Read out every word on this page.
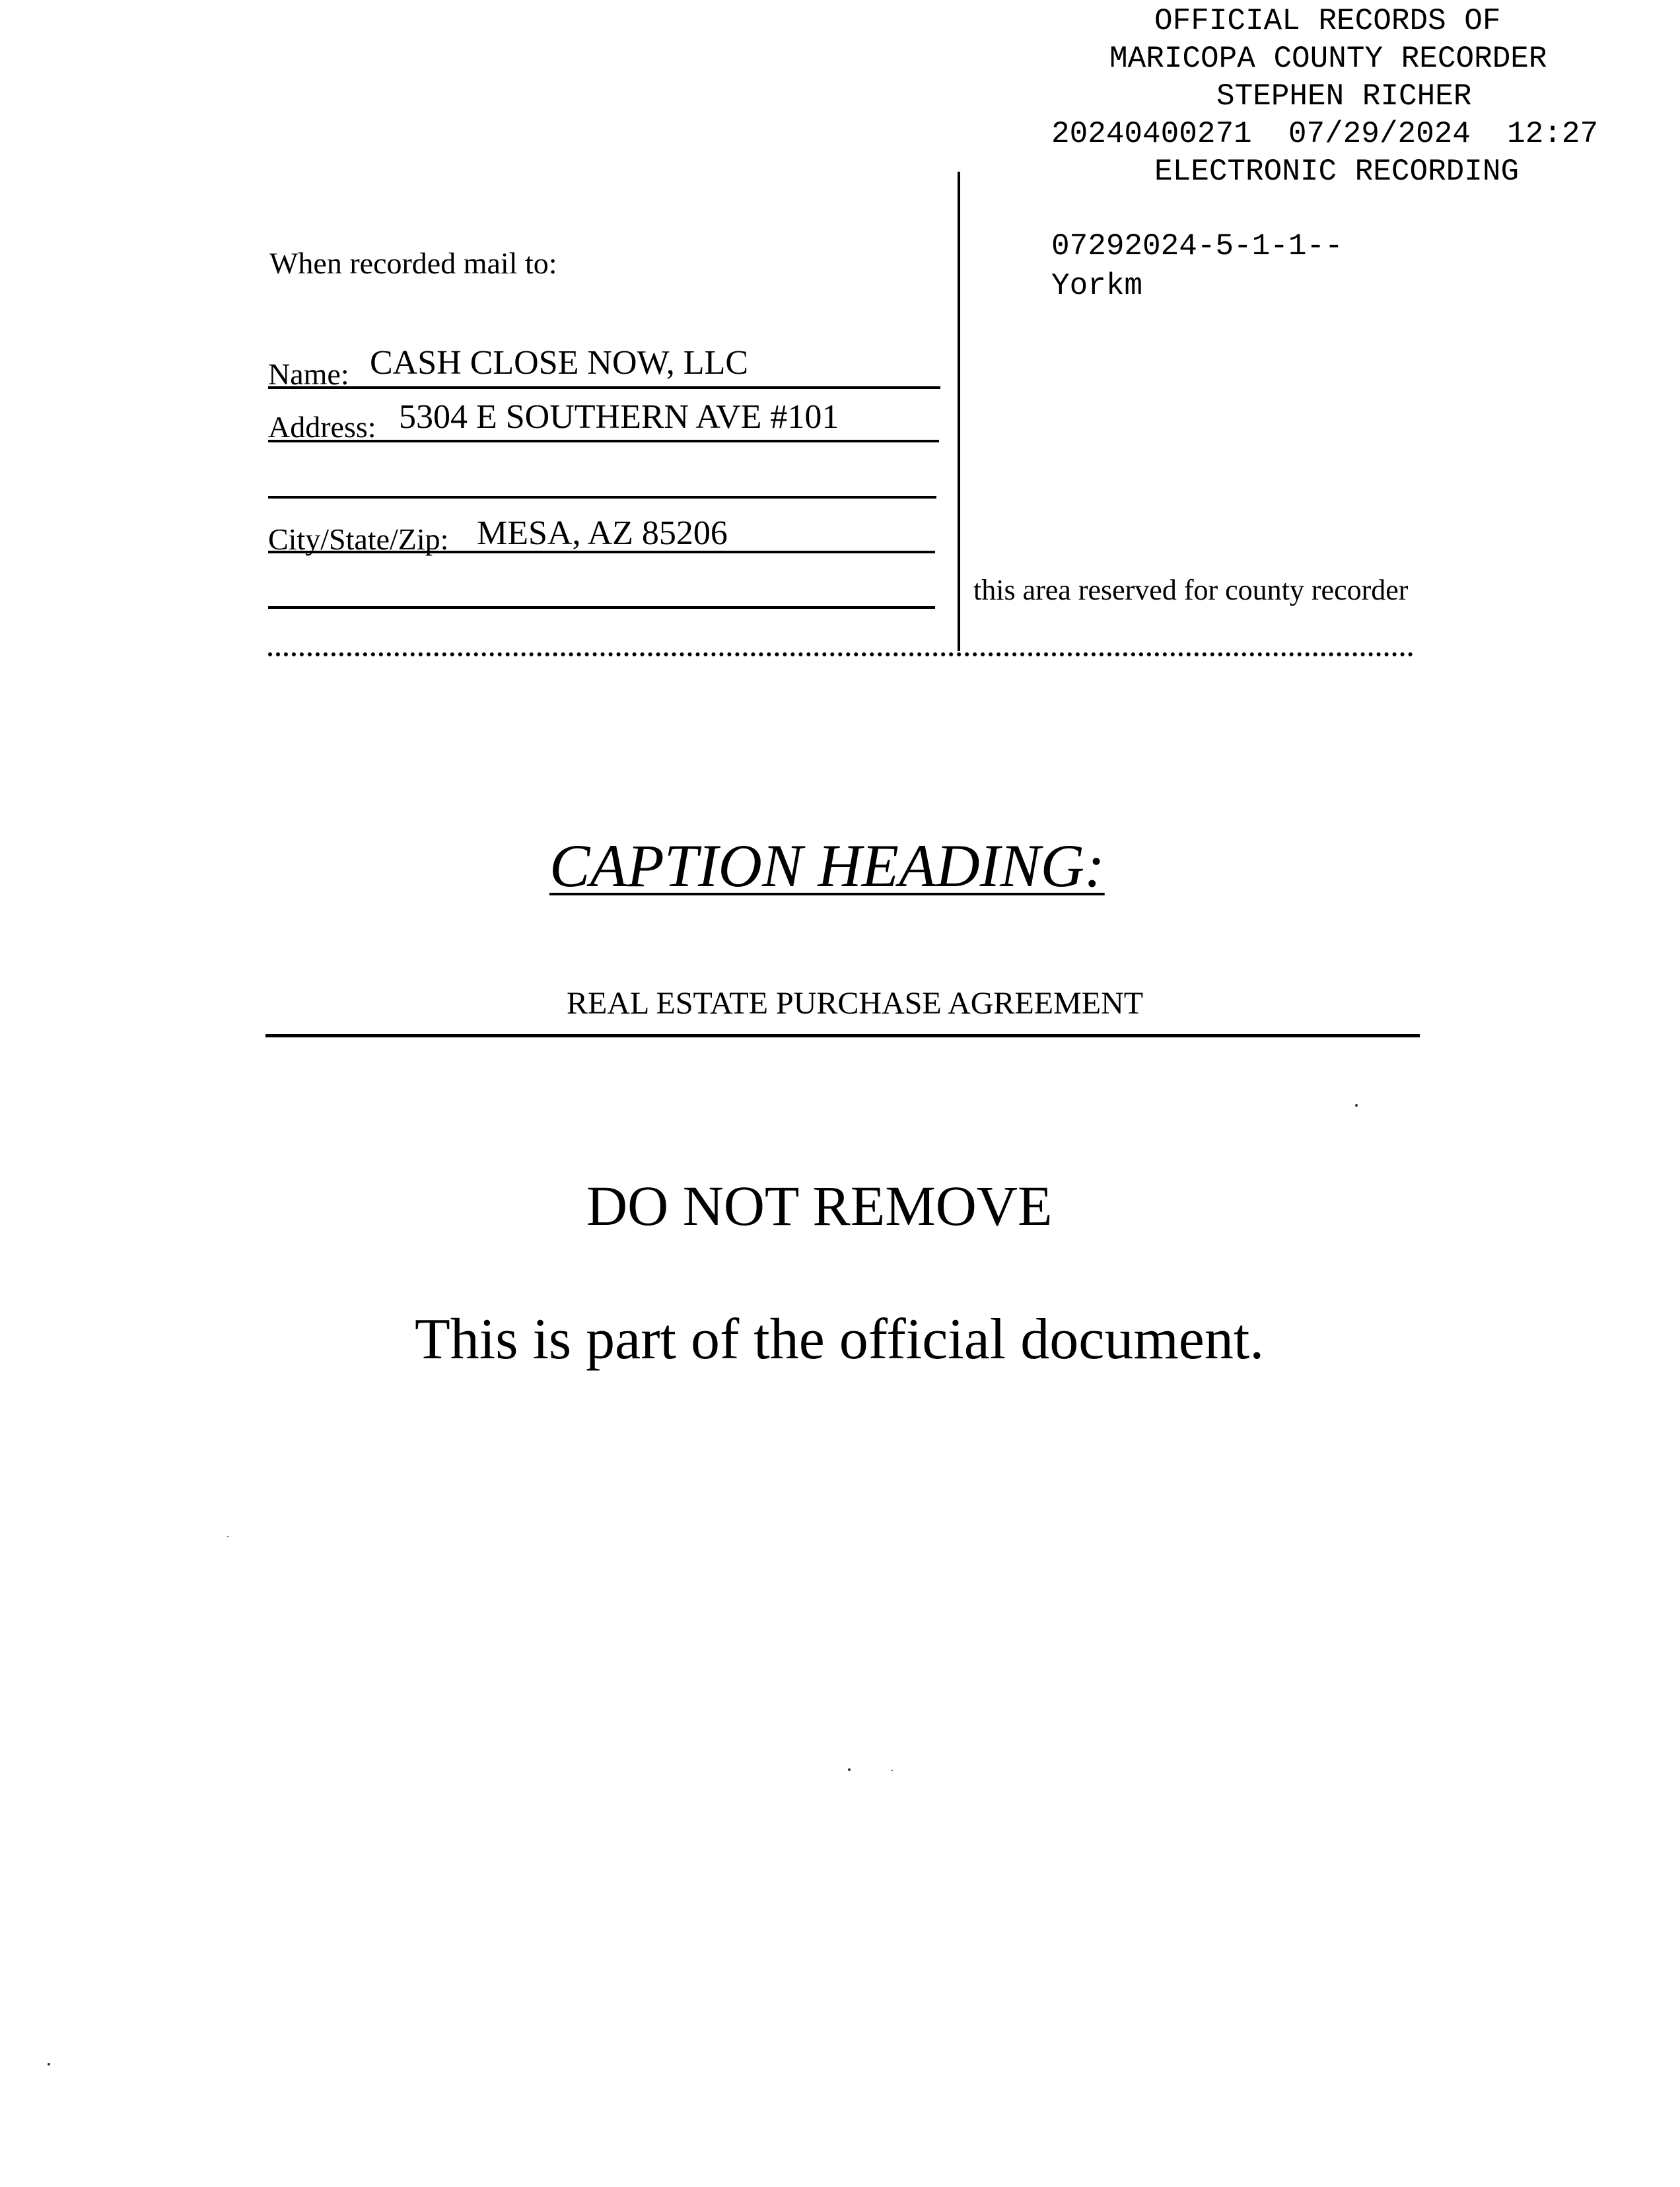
OFFICIAL RECORDS OF

MARICOPA COUNTY RECORDER

STEPHEN RICHER

20240400271  07/29/2024  12:27

ELECTRONIC RECORDING

07292024-5-1-1--

Yorkm

When recorded mail to:
Name: CASH CLOSE NOW, LLC
Address: 5304 E SOUTHERN AVE #101
City/State/Zip: MESA, AZ 85206
this area reserved for county recorder
CAPTION HEADING:
REAL ESTATE PURCHASE AGREEMENT
DO NOT REMOVE
This is part of the official document.
